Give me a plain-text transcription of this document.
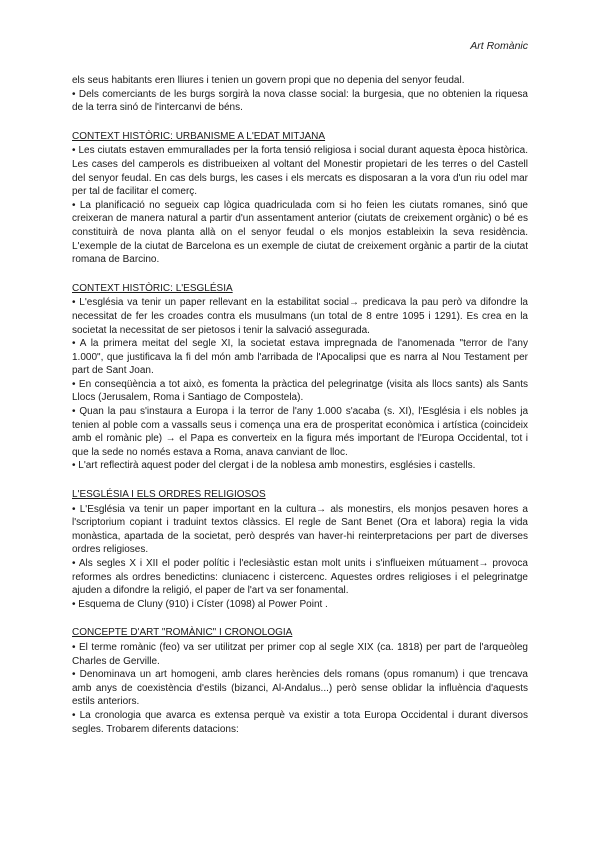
Art Romànic

els seus habitants eren lliures i tenien un govern propi que no depenia del senyor feudal.

• Dels comerciants de les burgs sorgirà la nova classe social: la burgesia, que no obtenien la riquesa de la terra sinó de l'intercanvi de béns.

CONTEXT HISTÒRIC: URBANISME A L'EDAT MITJANA

• Les ciutats estaven emmurallades per la forta tensió religiosa i social durant aquesta època històrica. Les cases del camperols es distribueixen al voltant del Monestir propietari de les terres o del Castell del senyor feudal. En cas dels burgs, les cases i els mercats es disposaran a la vora d'un riu odel mar per tal de facilitar el comerç.

• La planificació no segueix cap lògica quadriculada com si ho feien les ciutats romanes, sinó que creixeran de manera natural a partir d'un assentament anterior (ciutats de creixement orgànic) o bé es constituirà de nova planta allà on el senyor feudal o els monjos estableixin la seva residència. L'exemple de la ciutat de Barcelona es un exemple de ciutat de creixement orgànic a partir de la ciutat romana de Barcino.

CONTEXT HISTÒRIC: L'ESGLÉSIA

• L'església va tenir un paper rellevant en la estabilitat social→ predicava la pau però va difondre la necessitat de fer les croades contra els musulmans (un total de 8 entre 1095 i 1291). Es crea en la societat la necessitat de ser pietosos i tenir la salvació assegurada.

• A la primera meitat del segle XI, la societat estava impregnada de l'anomenada "terror de l'any 1.000", que justificava la fi del món amb l'arribada de l'Apocalipsi que es narra al Nou Testament per part de Sant Joan.

• En conseqüència a tot això, es fomenta la pràctica del pelegrinatge (visita als llocs sants) als Sants Llocs (Jerusalem, Roma i Santiago de Compostela).

• Quan la pau s'instaura a Europa i la terror de l'any 1.000 s'acaba (s. XI), l'Església i els nobles ja tenien al poble com a vassalls seus i comença una era de prosperitat econòmica i artística (coincideix amb el romànic ple) → el Papa es converteix en la figura més important de l'Europa Occidental, tot i que la sede no només estava a Roma, anava canviant de lloc.

• L'art reflectirà aquest poder del clergat i de la noblesa amb monestirs, esglésies i castells.

L'ESGLÉSIA I ELS ORDRES RELIGIOSOS

• L'Església va tenir un paper important en la cultura→ als monestirs, els monjos pesaven hores a l'scriptorium copiant i traduint textos clàssics. El regle de Sant Benet (Ora et labora) regia la vida monàstica, apartada de la societat, però després van haver-hi reinterpretacions per part de diverses ordres religioses.

• Als segles X i XII el poder polític i l'eclesiàstic estan molt units i s'influeixen mútuament→ provoca reformes als ordres benedictins: cluniacenc i cistercenc. Aquestes ordres religioses i el pelegrinatge ajuden a difondre la religió, el paper de l'art va ser fonamental.

• Esquema de Cluny (910) i Císter (1098) al Power Point .

CONCEPTE D'ART "ROMÀNIC" I CRONOLOGIA

• El terme romànic (feo) va ser utilitzat per primer cop al segle XIX (ca. 1818) per part de l'arqueòleg Charles de Gerville.

• Denominava un art homogeni, amb clares herències dels romans (opus romanum) i que trencava amb anys de coexistència d'estils (bizanci, Al-Andalus...) però sense oblidar la influència d'aquests estils anteriors.

• La cronologia que avarca es extensa perquè va existir a tota Europa Occidental i durant diversos segles. Trobarem diferents datacions:
